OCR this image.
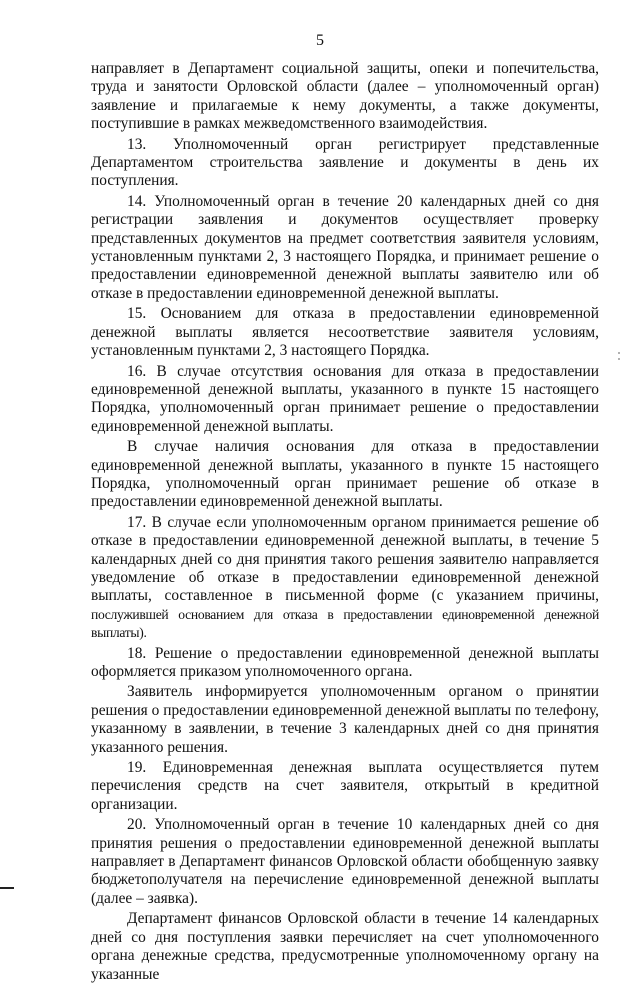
5

направляет в Департамент социальной защиты, опеки и попечительства, труда и занятости Орловской области (далее – уполномоченный орган) заявление и прилагаемые к нему документы, а также документы, поступившие в рамках межведомственного взаимодействия.

13. Уполномоченный орган регистрирует представленные Департаментом строительства заявление и документы в день их поступления.

14. Уполномоченный орган в течение 20 календарных дней со дня регистрации заявления и документов осуществляет проверку представленных документов на предмет соответствия заявителя условиям, установленным пунктами 2, 3 настоящего Порядка, и принимает решение о предоставлении единовременной денежной выплаты заявителю или об отказе в предоставлении единовременной денежной выплаты.

15. Основанием для отказа в предоставлении единовременной денежной выплаты является несоответствие заявителя условиям, установленным пунктами 2, 3 настоящего Порядка.

16. В случае отсутствия основания для отказа в предоставлении единовременной денежной выплаты, указанного в пункте 15 настоящего Порядка, уполномоченный орган принимает решение о предоставлении единовременной денежной выплаты.

В случае наличия основания для отказа в предоставлении единовременной денежной выплаты, указанного в пункте 15 настоящего Порядка, уполномоченный орган принимает решение об отказе в предоставлении единовременной денежной выплаты.

17. В случае если уполномоченным органом принимается решение об отказе в предоставлении единовременной денежной выплаты, в течение 5 календарных дней со дня принятия такого решения заявителю направляется уведомление об отказе в предоставлении единовременной денежной выплаты, составленное в письменной форме (с указанием причины, послужившей основанием для отказа в предоставлении единовременной денежной выплаты).

18. Решение о предоставлении единовременной денежной выплаты оформляется приказом уполномоченного органа.

Заявитель информируется уполномоченным органом о принятии решения о предоставлении единовременной денежной выплаты по телефону, указанному в заявлении, в течение 3 календарных дней со дня принятия указанного решения.

19. Единовременная денежная выплата осуществляется путем перечисления средств на счет заявителя, открытый в кредитной организации.

20. Уполномоченный орган в течение 10 календарных дней со дня принятия решения о предоставлении единовременной денежной выплаты направляет в Департамент финансов Орловской области обобщенную заявку бюджетополучателя на перечисление единовременной денежной выплаты (далее – заявка).

Департамент финансов Орловской области в течение 14 календарных дней со дня поступления заявки перечисляет на счет уполномоченного органа денежные средства, предусмотренные уполномоченному органу на указанные
